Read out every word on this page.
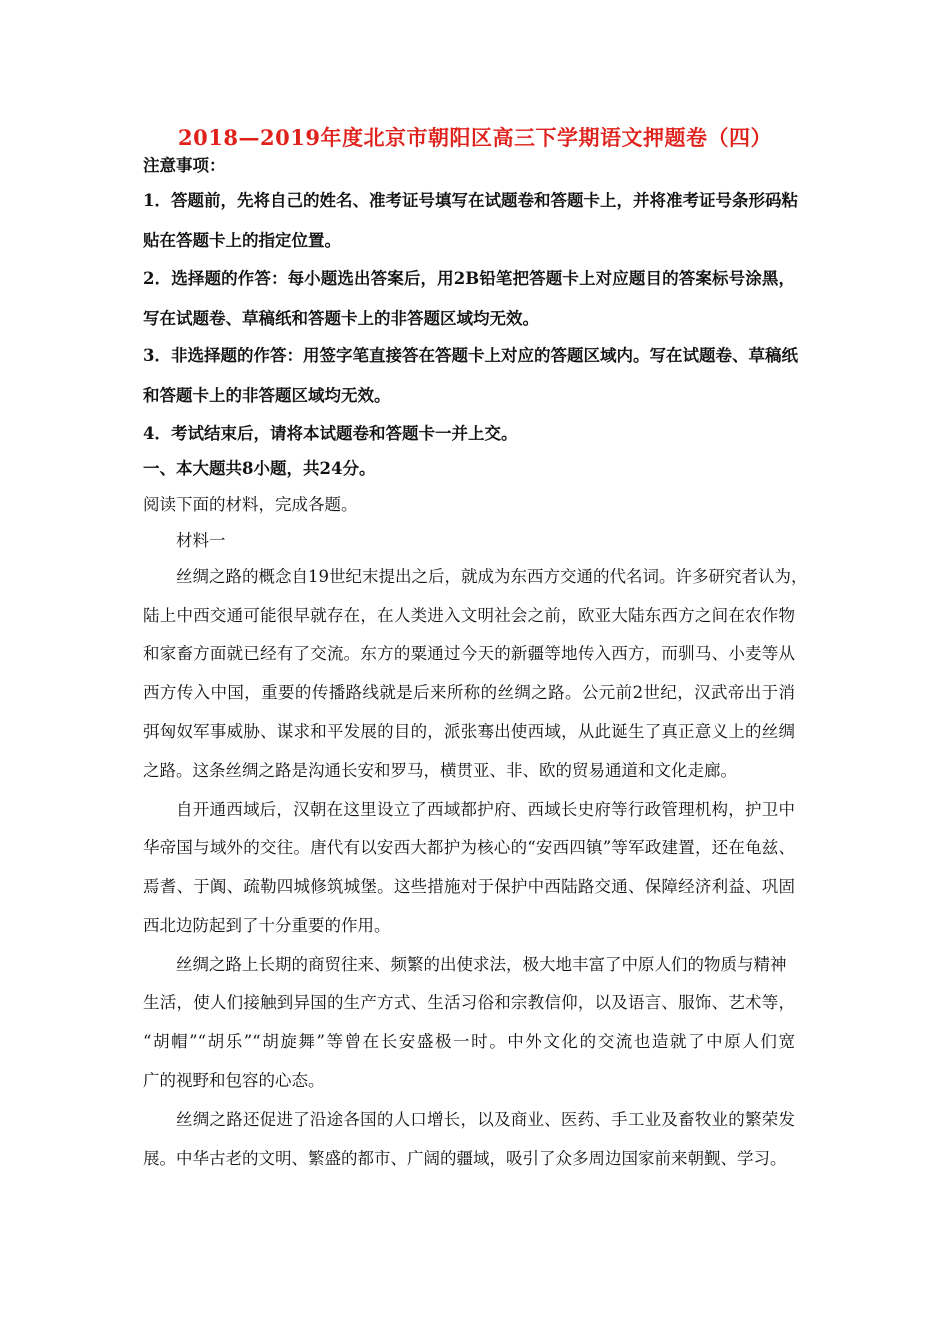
2018—2019年度北京市朝阳区高三下学期语文押题卷（四）
注意事项：
1．答题前，先将自己的姓名、准考证号填写在试题卷和答题卡上，并将准考证号条形码粘
贴在答题卡上的指定位置。
2．选择题的作答：每小题选出答案后，用2B铅笔把答题卡上对应题目的答案标号涂黑，
写在试题卷、草稿纸和答题卡上的非答题区域均无效。
3．非选择题的作答：用签字笔直接答在答题卡上对应的答题区域内。写在试题卷、草稿纸
和答题卡上的非答题区域均无效。
4．考试结束后，请将本试题卷和答题卡一并上交。
一、本大题共8小题，共24分。
阅读下面的材料，完成各题。
材料一
丝绸之路的概念自19世纪末提出之后，就成为东西方交通的代名词。许多研究者认为，
陆上中西交通可能很早就存在，在人类进入文明社会之前，欧亚大陆东西方之间在农作物
和家畜方面就已经有了交流。东方的粟通过今天的新疆等地传入西方，而驯马、小麦等从
西方传入中国，重要的传播路线就是后来所称的丝绸之路。公元前2世纪，汉武帝出于消
弭匈奴军事威胁、谋求和平发展的目的，派张骞出使西域，从此诞生了真正意义上的丝绸
之路。这条丝绸之路是沟通长安和罗马，横贯亚、非、欧的贸易通道和文化走廊。
自开通西域后，汉朝在这里设立了西域都护府、西域长史府等行政管理机构，护卫中
华帝国与域外的交往。唐代有以安西大都护为核心的“安西四镇”等军政建置，还在龟兹、
焉耆、于阗、疏勒四城修筑城堡。这些措施对于保护中西陆路交通、保障经济利益、巩固
西北边防起到了十分重要的作用。
丝绸之路上长期的商贸往来、频繁的出使求法，极大地丰富了中原人们的物质与精神
生活，使人们接触到异国的生产方式、生活习俗和宗教信仰，以及语言、服饰、艺术等，
“胡帽”“胡乐”“胡旋舞”等曾在长安盛极一时。中外文化的交流也造就了中原人们宽
广的视野和包容的心态。
丝绸之路还促进了沿途各国的人口增长，以及商业、医药、手工业及畜牧业的繁荣发
展。中华古老的文明、繁盛的都市、广阔的疆域，吸引了众多周边国家前来朝觐、学习。
